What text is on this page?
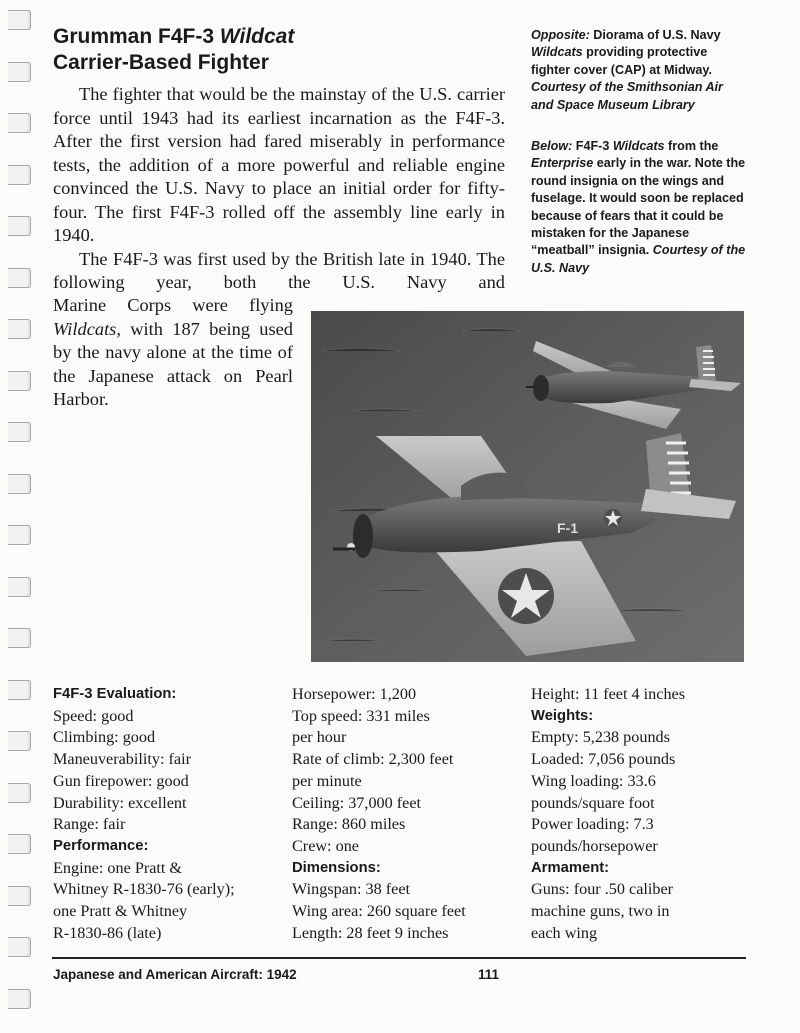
Grumman F4F-3 Wildcat
Carrier-Based Fighter

The fighter that would be the mainstay of the U.S. carrier force until 1943 had its earliest incarnation as the F4F-3. After the first version had fared miserably in performance tests, the addition of a more powerful and reliable engine convinced the U.S. Navy to place an initial order for fifty-four. The first F4F-3 rolled off the assembly line early in 1940.

The F4F-3 was first used by the British late in 1940. The following year, both the U.S. Navy and

Marine Corps were flying Wildcats, with 187 being used by the navy alone at the time of the Japanese attack on Pearl Harbor.
Opposite: Diorama of U.S. Navy Wildcats providing protective fighter cover (CAP) at Midway. Courtesy of the Smithsonian Air and Space Museum Library
Below: F4F-3 Wildcats from the Enterprise early in the war. Note the round insignia on the wings and fuselage. It would soon be replaced because of fears that it could be mistaken for the Japanese “meatball” insignia. Courtesy of the U.S. Navy
F-1
F4F-3 Evaluation:
Speed: good
Climbing: good
Maneuverability: fair
Gun firepower: good
Durability: excellent
Range: fair
Performance:
Engine: one Pratt &
Whitney R-1830-76 (early);
one Pratt & Whitney
R-1830-86 (late)
Horsepower: 1,200
Top speed: 331 miles
per hour
Rate of climb: 2,300 feet
per minute
Ceiling: 37,000 feet
Range: 860 miles
Crew: one
Dimensions:
Wingspan: 38 feet
Wing area: 260 square feet
Length: 28 feet 9 inches
Height: 11 feet 4 inches
Weights:
Empty: 5,238 pounds
Loaded: 7,056 pounds
Wing loading: 33.6
pounds/square foot
Power loading: 7.3
pounds/horsepower
Armament:
Guns: four .50 caliber
machine guns, two in
each wing
Japanese and American Aircraft: 1942	111
